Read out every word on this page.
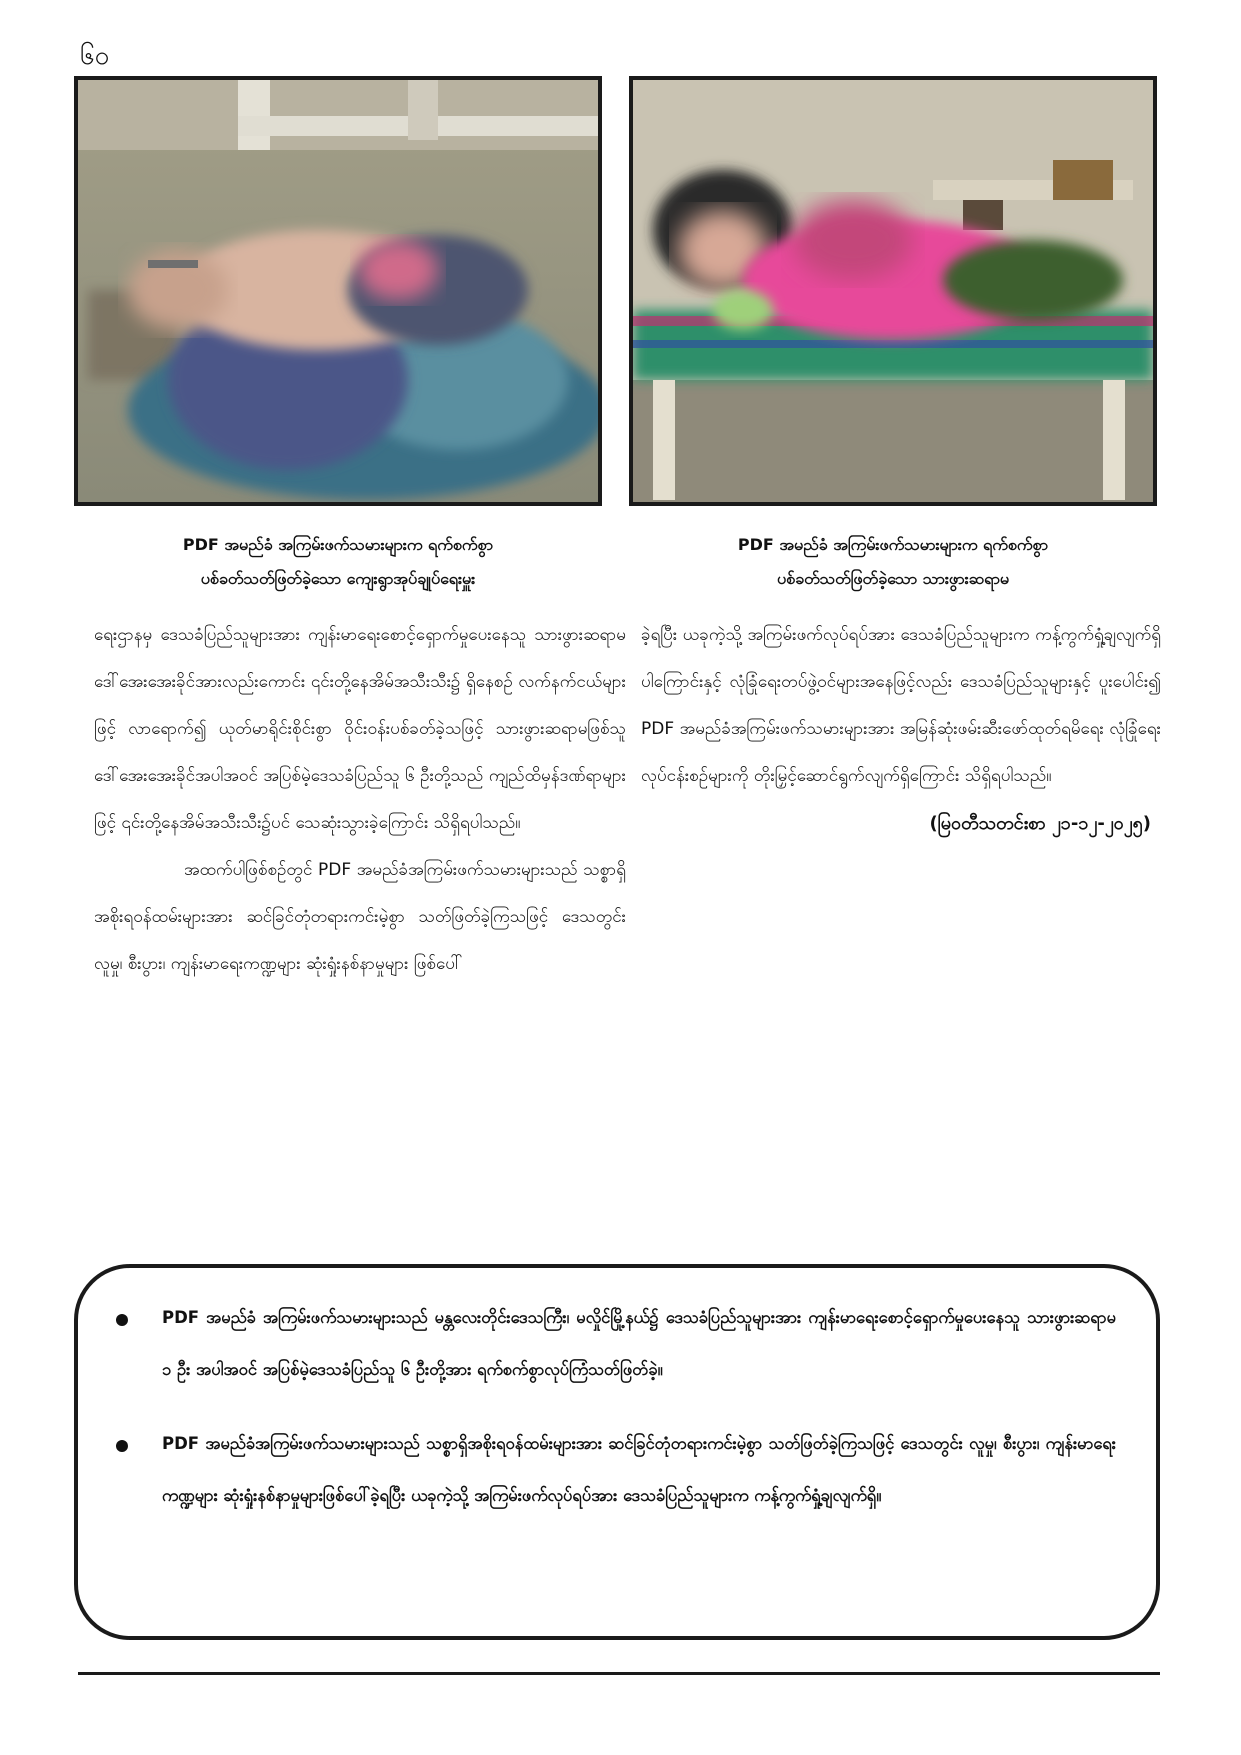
၆၀
PDF အမည်ခံ အကြမ်းဖက်သမားများက ရက်စက်စွာ
ပစ်ခတ်သတ်ဖြတ်ခဲ့သော ကျေးရွာအုပ်ချုပ်ရေးမှူး
PDF အမည်ခံ အကြမ်းဖက်သမားများက ရက်စက်စွာ
ပစ်ခတ်သတ်ဖြတ်ခဲ့သော သားဖွားဆရာမ

ရေးဌာနမှ ဒေသခံပြည်သူများအား ကျန်းမာရေးစောင့်ရှောက်မှုပေးနေသူ သားဖွားဆရာမ ဒေါ်အေးအေးခိုင်အားလည်းကောင်း ၎င်းတို့နေအိမ်အသီးသီး၌ ရှိနေစဉ် လက်နက်ငယ်များဖြင့် လာရောက်၍ ယုတ်မာရိုင်းစိုင်းစွာ ဝိုင်းဝန်းပစ်ခတ်ခဲ့သဖြင့် သားဖွားဆရာမဖြစ်သူ ဒေါ်အေးအေးခိုင်အပါအဝင် အပြစ်မဲ့ဒေသခံပြည်သူ ၆ ဦးတို့သည် ကျည်ထိမှန်ဒဏ်ရာများဖြင့် ၎င်းတို့နေအိမ်အသီးသီး၌ပင် သေဆုံးသွားခဲ့ကြောင်း သိရှိရပါသည်။

အထက်ပါဖြစ်စဉ်တွင် PDF အမည်ခံအကြမ်းဖက်သမားများသည် သစ္စာရှိအစိုးရဝန်ထမ်းများအား ဆင်ခြင်တုံတရားကင်းမဲ့စွာ သတ်ဖြတ်ခဲ့ကြသဖြင့် ဒေသတွင်း လူမှု၊ စီးပွား၊ ကျန်းမာရေးကဏ္ဍများ ဆုံးရှုံးနစ်နာမှုများ ဖြစ်ပေါ်

ခဲ့ရပြီး ယခုကဲ့သို့ အကြမ်းဖက်လုပ်ရပ်အား ဒေသခံပြည်သူများက ကန့်ကွက်ရှုံ့ချလျက်ရှိပါကြောင်းနှင့် လုံခြုံရေးတပ်ဖွဲ့ဝင်များအနေဖြင့်လည်း ဒေသခံပြည်သူများနှင့် ပူးပေါင်း၍ PDF အမည်ခံအကြမ်းဖက်သမားများအား အမြန်ဆုံးဖမ်းဆီးဖော်ထုတ်ရမိရေး လုံခြုံရေးလုပ်ငန်းစဉ်များကို တိုးမြှင့်ဆောင်ရွက်လျက်ရှိကြောင်း သိရှိရပါသည်။

(မြဝတီသတင်းစာ ၂၁-၁၂-၂၀၂၅)

PDF အမည်ခံ အကြမ်းဖက်သမားများသည် မန္တလေးတိုင်းဒေသကြီး၊ မလှိုင်မြို့နယ်၌ ဒေသခံပြည်သူများအား ကျန်းမာရေးစောင့်ရှောက်မှုပေးနေသူ သားဖွားဆရာမ ၁ ဦး အပါအဝင် အပြစ်မဲ့ဒေသခံပြည်သူ ၆ ဦးတို့အား ရက်စက်စွာလုပ်ကြံသတ်ဖြတ်ခဲ့။
PDF အမည်ခံအကြမ်းဖက်သမားများသည် သစ္စာရှိအစိုးရဝန်ထမ်းများအား ဆင်ခြင်တုံတရားကင်းမဲ့စွာ သတ်ဖြတ်ခဲ့ကြသဖြင့် ဒေသတွင်း လူမှု၊ စီးပွား၊ ကျန်းမာရေးကဏ္ဍများ ဆုံးရှုံးနစ်နာမှုများဖြစ်ပေါ်ခဲ့ရပြီး ယခုကဲ့သို့ အကြမ်းဖက်လုပ်ရပ်အား ဒေသခံပြည်သူများက ကန့်ကွက်ရှုံ့ချလျက်ရှိ။
